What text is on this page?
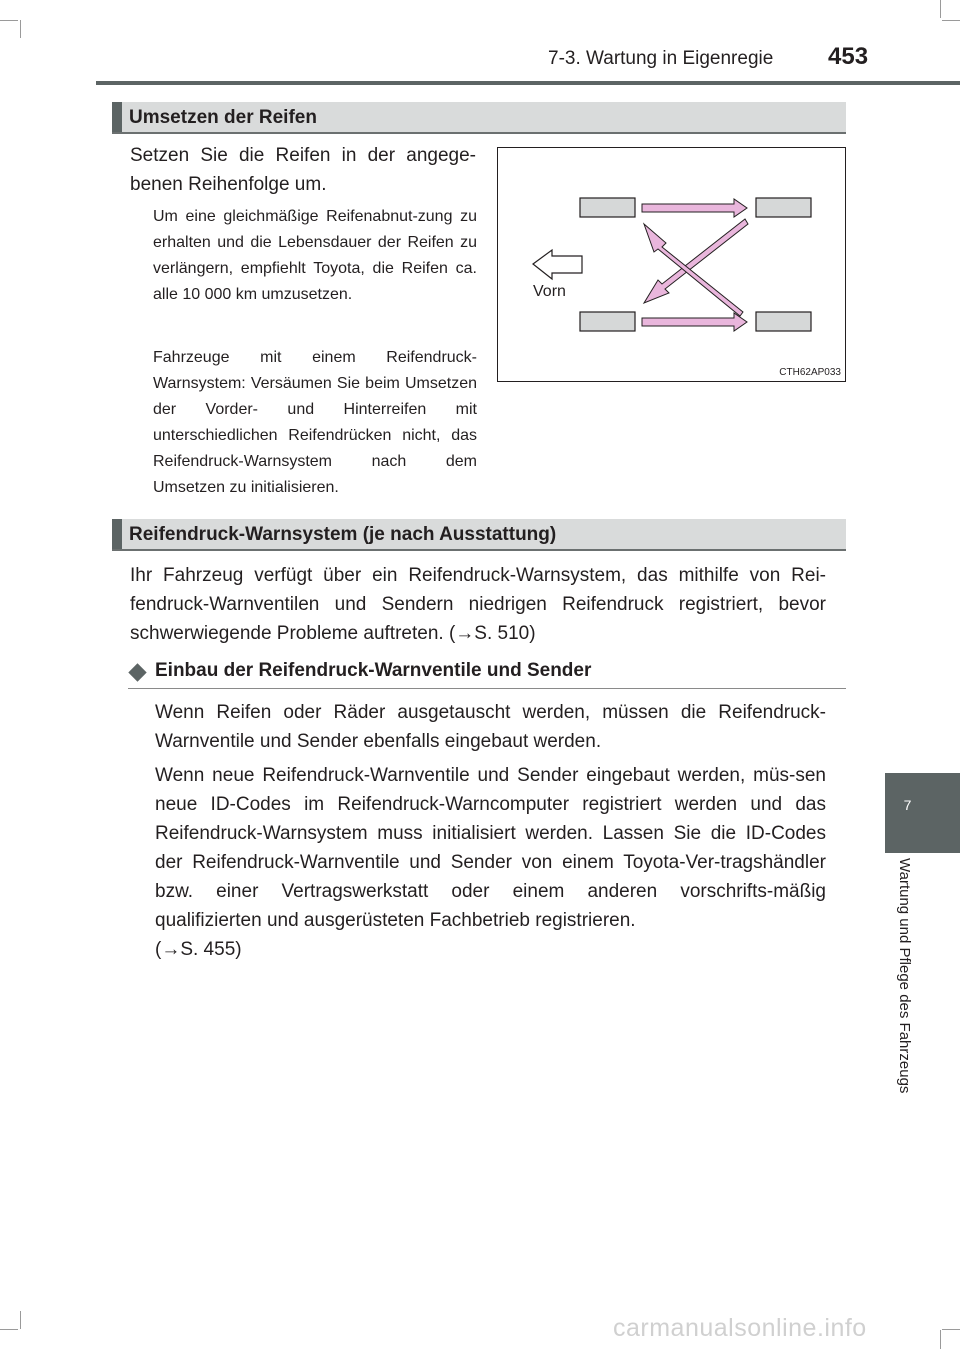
7-3. Wartung in Eigenregie 453
Umsetzen der Reifen
Setzen Sie die Reifen in der angege-benen Reihenfolge um.
Um eine gleichmäßige Reifenabnut-zung zu erhalten und die Lebensdauer der Reifen zu verlängern, empfiehlt Toyota, die Reifen ca. alle 10 000 km umzusetzen.
Fahrzeuge mit einem Reifendruck-Warnsystem: Versäumen Sie beim Umsetzen der Vorder- und Hinterreifen mit unterschiedlichen Reifendrücken nicht, das Reifendruck-Warnsystem nach dem Umsetzen zu initialisieren.
Vorn
CTH62AP033
Reifendruck-Warnsystem (je nach Ausstattung)
Ihr Fahrzeug verfügt über ein Reifendruck-Warnsystem, das mithilfe von Rei-fendruck-Warnventilen und Sendern niedrigen Reifendruck registriert, bevor schwerwiegende Probleme auftreten. (→S. 510)
Einbau der Reifendruck-Warnventile und Sender
Wenn Reifen oder Räder ausgetauscht werden, müssen die Reifendruck-Warnventile und Sender ebenfalls eingebaut werden.
Wenn neue Reifendruck-Warnventile und Sender eingebaut werden, müs-sen neue ID-Codes im Reifendruck-Warncomputer registriert werden und das Reifendruck-Warnsystem muss initialisiert werden. Lassen Sie die ID-Codes der Reifendruck-Warnventile und Sender von einem Toyota-Ver-tragshändler bzw. einer Vertragswerkstatt oder einem anderen vorschrifts-mäßig qualifizierten und ausgerüsteten Fachbetrieb registrieren.
(→S. 455)
7
Wartung und Pflege des Fahrzeugs
carmanualsonline.info
